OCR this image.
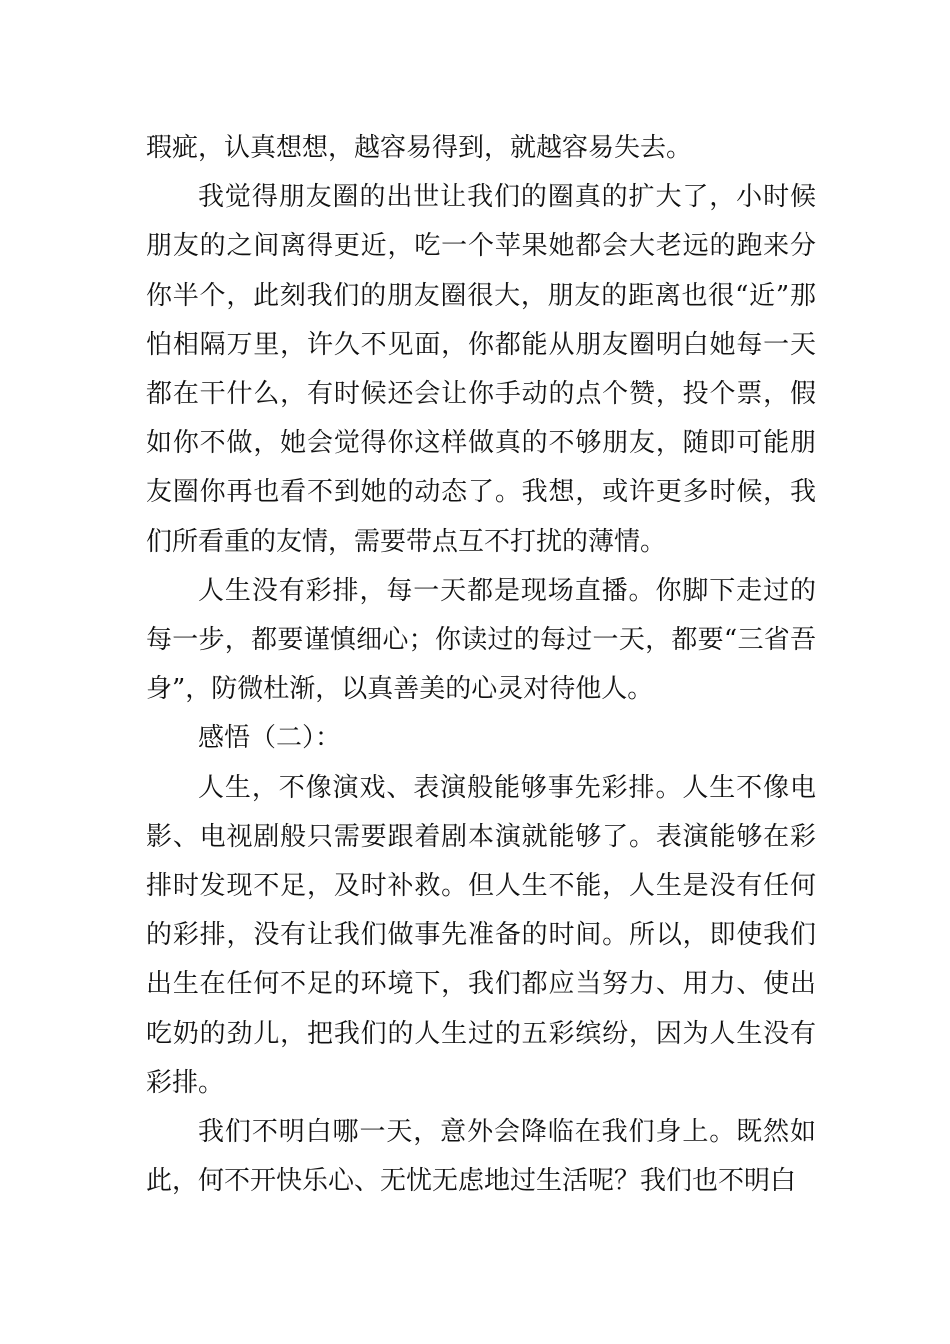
瑕疵，认真想想，越容易得到，就越容易失去。

我觉得朋友圈的出世让我们的圈真的扩大了，小时候朋友的之间离得更近，吃一个苹果她都会大老远的跑来分你半个，此刻我们的朋友圈很大，朋友的距离也很“近”那怕相隔万里，许久不见面，你都能从朋友圈明白她每一天都在干什么，有时候还会让你手动的点个赞，投个票，假如你不做，她会觉得你这样做真的不够朋友，随即可能朋友圈你再也看不到她的动态了。我想，或许更多时候，我们所看重的友情，需要带点互不打扰的薄情。

人生没有彩排，每一天都是现场直播。你脚下走过的每一步，都要谨慎细心；你读过的每过一天，都要“三省吾身”，防微杜渐，以真善美的心灵对待他人。

感悟（二）：

人生，不像演戏、表演般能够事先彩排。人生不像电影、电视剧般只需要跟着剧本演就能够了。表演能够在彩排时发现不足，及时补救。但人生不能，人生是没有任何的彩排，没有让我们做事先准备的时间。所以，即使我们出生在任何不足的环境下，我们都应当努力、用力、使出吃奶的劲儿，把我们的人生过的五彩缤纷，因为人生没有彩排。

我们不明白哪一天，意外会降临在我们身上。既然如此，何不开快乐心、无忧无虑地过生活呢？我们也不明白
